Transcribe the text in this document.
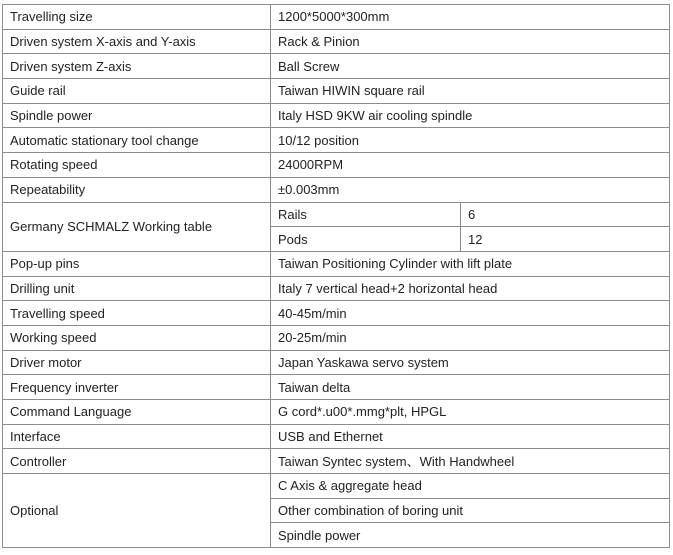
Travelling size	1200*5000*300mm	
Driven system X-axis and Y-axis	Rack & Pinion	
Driven system Z-axis	Ball Screw	
Guide rail	Taiwan HIWIN square rail	
Spindle power	Italy HSD 9KW air cooling spindle	
Automatic stationary tool change	10/12 position	
Rotating speed	24000RPM	
Repeatability	±0.003mm	
Germany SCHMALZ Working table	Rails	6
	Pods	12
Pop-up pins	Taiwan Positioning Cylinder with lift plate	
Drilling unit	Italy 7 vertical head+2 horizontal head	
Travelling speed	40-45m/min	
Working speed	20-25m/min	
Driver motor	Japan Yaskawa servo system	
Frequency inverter	Taiwan delta	
Command Language	G cord*.u00*.mmg*plt, HPGL	
Interface	USB and Ethernet	
Controller	Taiwan Syntec system、With Handwheel	
Optional	C Axis & aggregate head	
	Other combination of boring unit	
	Spindle power	
